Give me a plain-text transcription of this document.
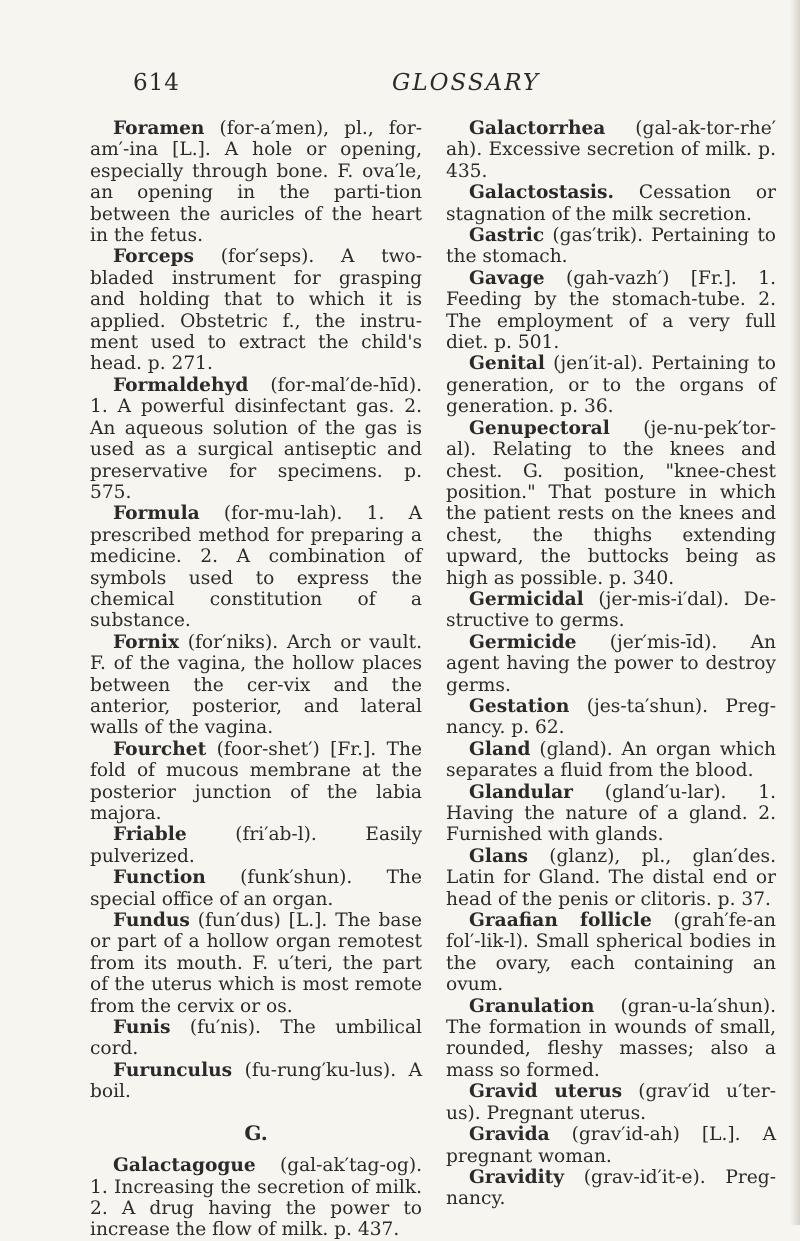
614	GLOSSARY

Foramen (for-a′men), pl., for-am′-ina [L.]. A hole or opening, especially through bone. F. ova′le, an opening in the parti-tion between the auricles of the heart in the fetus.

Forceps (for′seps). A two-bladed instrument for grasping and holding that to which it is applied. Obstetric f., the instru-ment used to extract the child's head. p. 271.

Formaldehyd (for-mal′de-hīd). 1. A powerful disinfectant gas. 2. An aqueous solution of the gas is used as a surgical antiseptic and preservative for specimens. p. 575.

Formula (for-mu-lah). 1. A prescribed method for preparing a medicine. 2. A combination of symbols used to express the chemical constitution of a substance.

Fornix (for′niks). Arch or vault. F. of the vagina, the hollow places between the cer-vix and the anterior, posterior, and lateral walls of the vagina.

Fourchet (foor-shet′) [Fr.]. The fold of mucous membrane at the posterior junction of the labia majora.

Friable (fri′ab-l). Easily pulverized.

Function (funk′shun). The special office of an organ.

Fundus (fun′dus) [L.]. The base or part of a hollow organ remotest from its mouth. F. u′teri, the part of the uterus which is most remote from the cervix or os.

Funis (fu′nis). The umbilical cord.

Furunculus (fu-rung′ku-lus). A boil.

G.

Galactagogue (gal-ak′tag-og). 1. Increasing the secretion of milk. 2. A drug having the power to increase the flow of milk. p. 437.

Galactorrhea (gal-ak-tor-rhe′ ah). Excessive secretion of milk. p. 435.

Galactostasis. Cessation or stagnation of the milk secretion.

Gastric (gas′trik). Pertaining to the stomach.

Gavage (gah-vazh′) [Fr.]. 1. Feeding by the stomach-tube. 2. The employment of a very full diet. p. 501.

Genital (jen′it-al). Pertaining to generation, or to the organs of generation. p. 36.

Genupectoral (je-nu-pek′tor-al). Relating to the knees and chest. G. position, "knee-chest position." That posture in which the patient rests on the knees and chest, the thighs extending upward, the buttocks being as high as possible. p. 340.

Germicidal (jer-mis-i′dal). De-structive to germs.

Germicide (jer′mis-īd). An agent having the power to destroy germs.

Gestation (jes-ta′shun). Preg-nancy. p. 62.

Gland (gland). An organ which separates a fluid from the blood.

Glandular (gland′u-lar). 1. Having the nature of a gland. 2. Furnished with glands.

Glans (glanz), pl., glan′des. Latin for Gland. The distal end or head of the penis or clitoris. p. 37.

Graafian follicle (grah′fe-an fol′-lik-l). Small spherical bodies in the ovary, each containing an ovum.

Granulation (gran-u-la′shun). The formation in wounds of small, rounded, fleshy masses; also a mass so formed.

Gravid uterus (grav′id u′ter-us). Pregnant uterus.

Gravida (grav′id-ah) [L.]. A pregnant woman.

Gravidity (grav-id′it-e). Preg-nancy.
